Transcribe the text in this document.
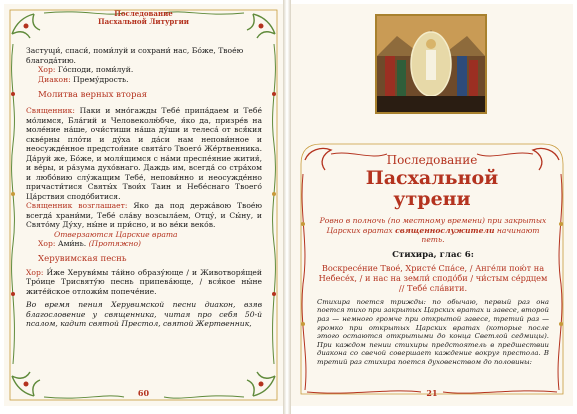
Последование
Пасхальной Литургии
Застуպи́, спаси́, поми́луй и сохрани́ нас, Бо́же, Твое́ю благода́тию.
Хор: Го́споди, поми́луй.
Диакон: Прему́дрость.
Молитва верных вторая
Священник: Паки и мно́гажды Тебе́ припа́даем и Тебе́ мо́лимся, Бла́гий и Человеколю́бче, я́ко да, призре́в на моле́ние на́ше, очи́стиши на́ша ду́ши и телеса́ от вся́кия скве́рны пло́ти и ду́ха и да́си нам непови́нное и неосужде́нное предстоя́ние свята́го Твоего́ Же́ртвенника. Да́руй же, Бо́же, и моля́щимся с на́ми преспе́яние жития́, и ве́ры, и ра́зума духо́внаго. Даждь им, всегда́ со стра́хом и любо́вию слу́жащим Тебе́, непови́нно и неосужде́нно причасти́тися Святы́х Твои́х Таин и Небе́снаго Твоего́ Ца́рствия сподо́битися.
Священник возглашает: Яко да под держа́вою Твое́ю всегда́ храни́ми, Тебе́ сла́ву возсыла́ем, Отцу́, и Сы́ну, и Свято́му Ду́ху, ны́не и при́сно, и во ве́ки веко́в.
Отверзаются Царские врата
Хор: Ами́нь. (Протяжно)
Херувимская песнь
Хор: И́же Херуви́мы та́йно образу́юще / и Животворя́щей Тро́ице Трисвяту́ю песнь припева́юще, / вся́кое ны́не жите́йское отложи́м попече́ние.
Во время пения Херувимской песни диакон, взяв благословение у священника, читая про себя 50-й псалом, кадит святой Престол, святой Жертвенник,
60
Последование
Пасхальной
утрени
Ровно в полночь (по местному времени) при закрытых Царских вратах священнослужители начинают петь.
Стихира, глас 6:
Воскресе́ние Твое́, Христе́ Спа́се, / Анге́ли пою́т на Небесе́х, / и нас на земли́ сподо́би / чи́стым се́рдцем // Тебе́ сла́вити.
Стихира поется трижды: по обычаю, первый раз она поется тихо при закрытых Царских вратах и завесе, второй раз — немного громче при открытой завесе, третий раз — громко при открытых Царских вратах (которые после этого остаются открытыми до конца Светлой седмицы). При каждом пении стихиры предстоятель в предшествии диакона со свечой совершает каждение вокруг престола. В третий раз стихира поется духовенством до половины:
21
